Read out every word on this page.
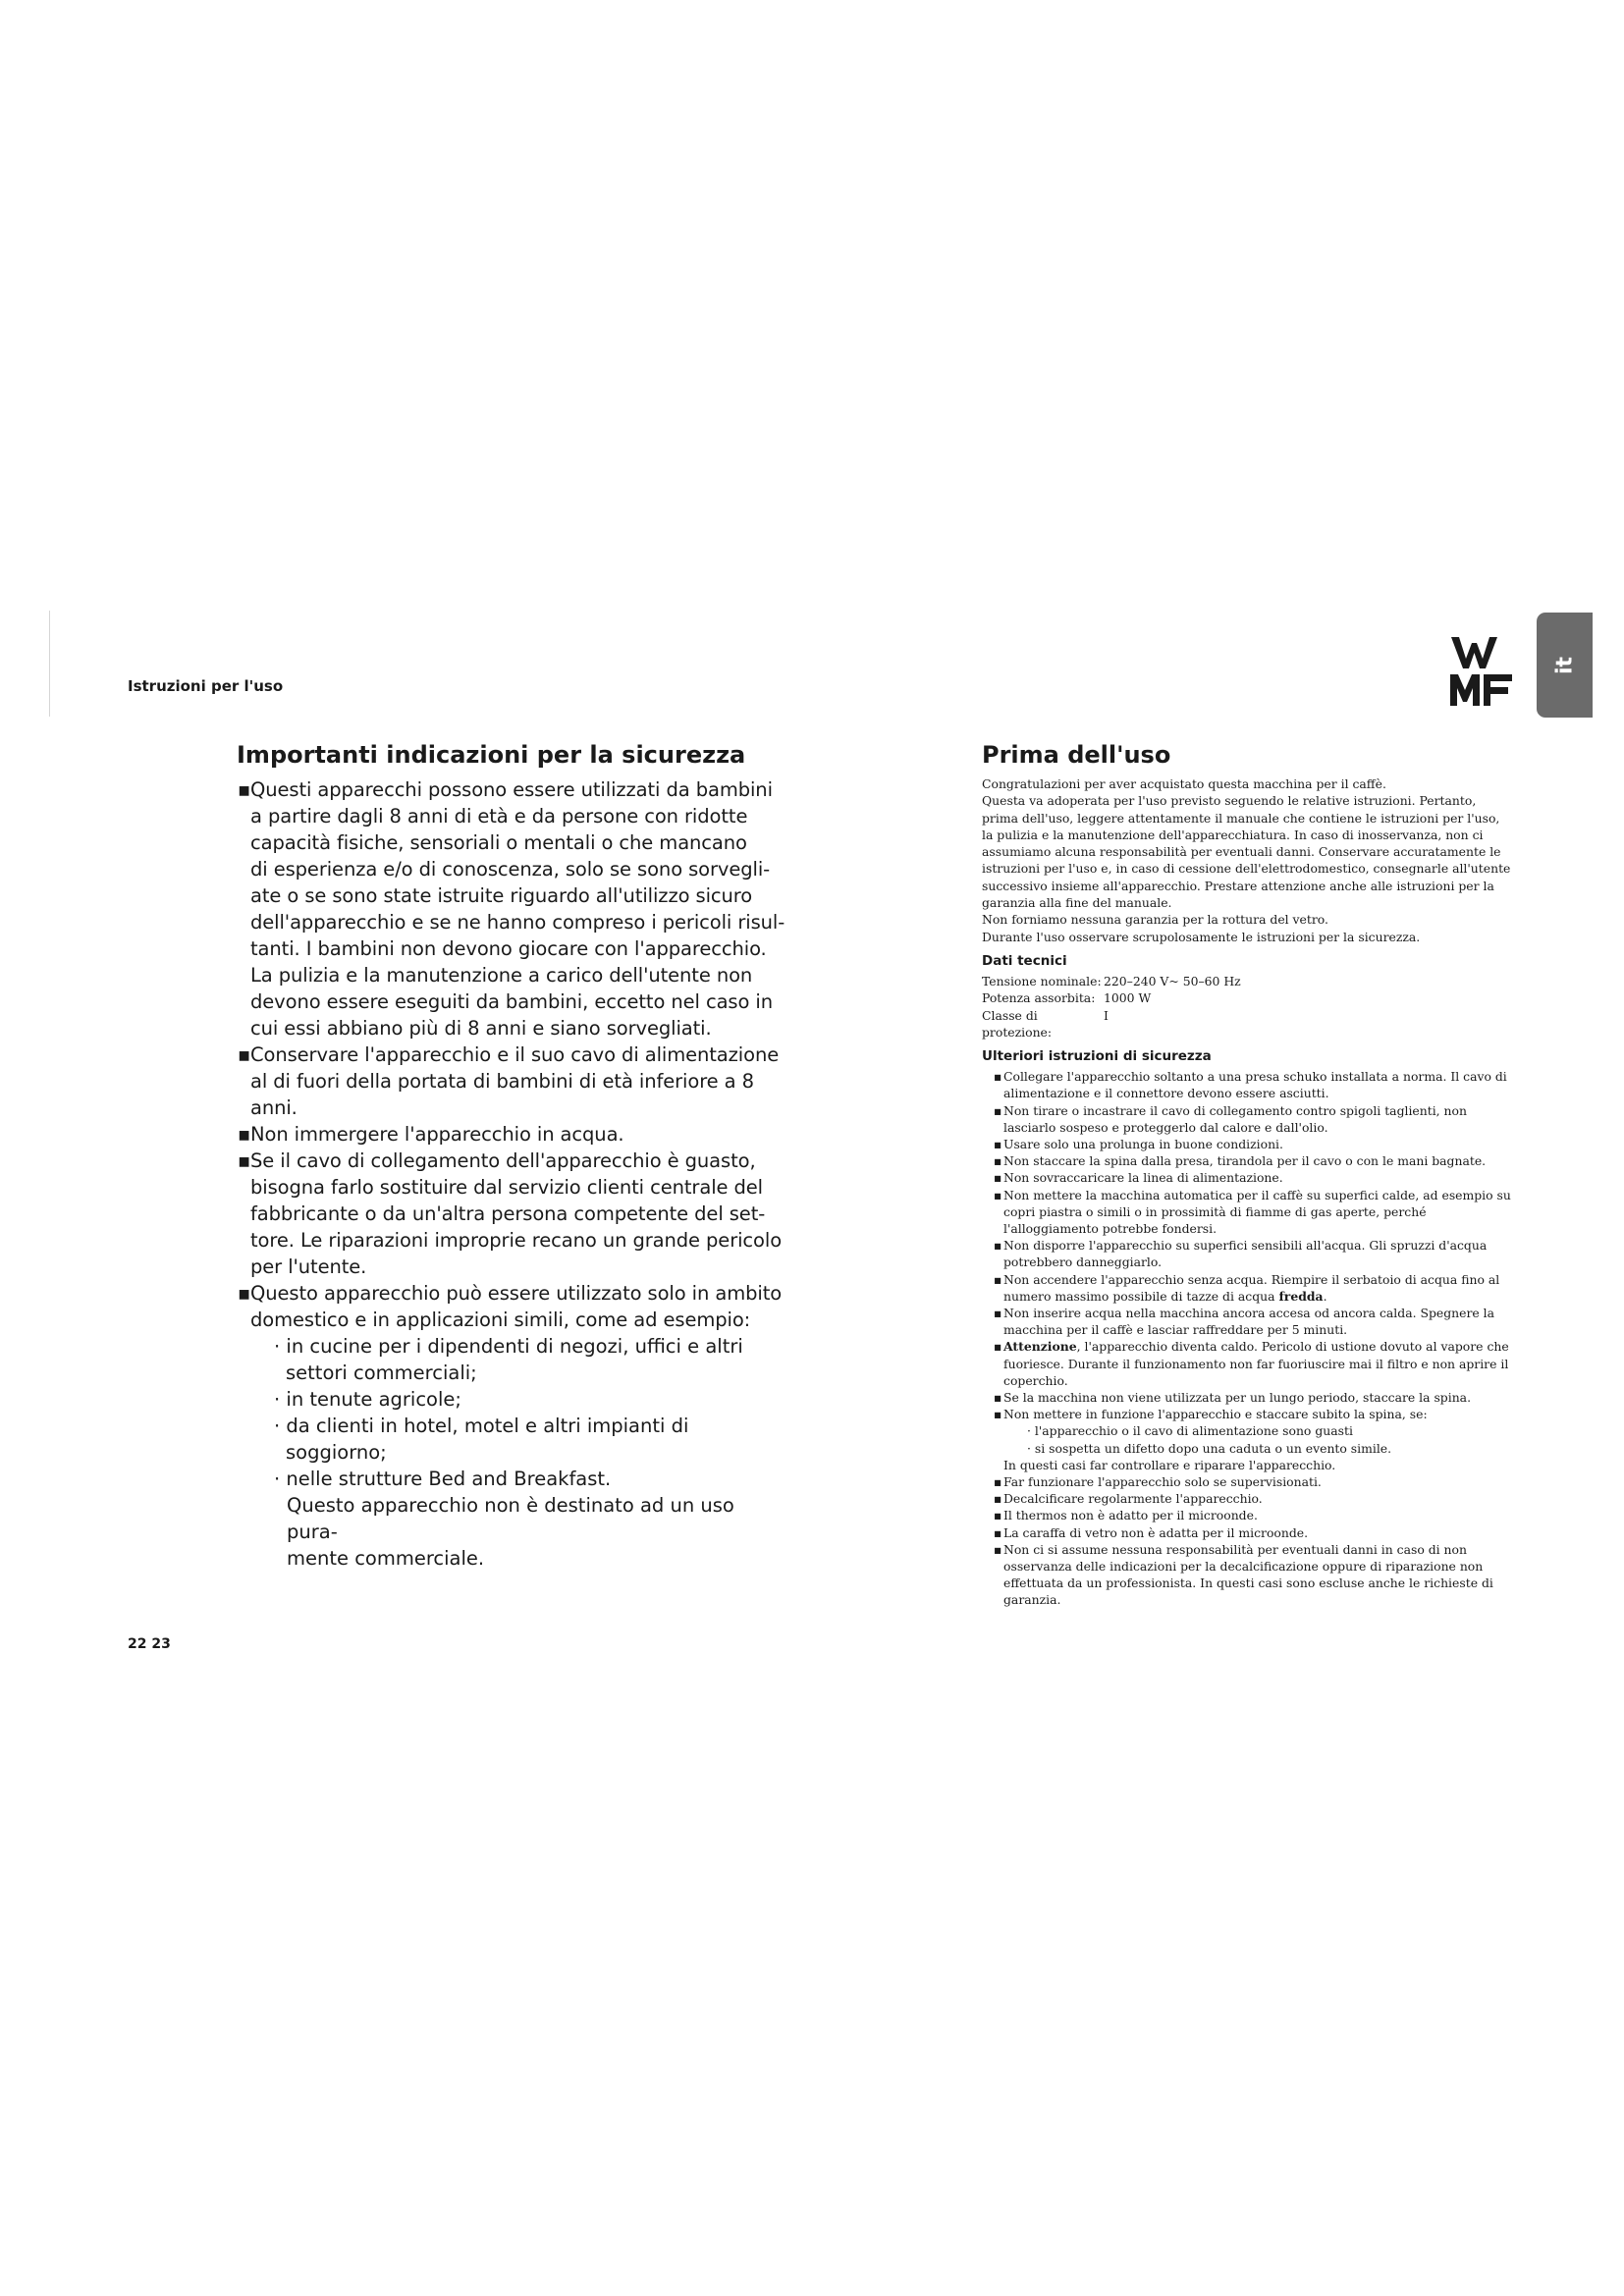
Istruzioni per l'uso
Importanti indicazioni per la sicurezza
▪Questi apparecchi possono essere utilizzati da bambini
a partire dagli 8 anni di età e da persone con ridotte
capacità fisiche, sensoriali o mentali o che mancano
di esperienza e/o di conoscenza, solo se sono sorvegli-
ate o se sono state istruite riguardo all'utilizzo sicuro
dell'apparecchio e se ne hanno compreso i pericoli risul-
tanti. I bambini non devono giocare con l'apparecchio.
La pulizia e la manutenzione a carico dell'utente non
devono essere eseguiti da bambini, eccetto nel caso in
cui essi abbiano più di 8 anni e siano sorvegliati.
▪Conservare l'apparecchio e il suo cavo di alimentazione
al di fuori della portata di bambini di età inferiore a 8
anni.
▪Non immergere l'apparecchio in acqua.
▪Se il cavo di collegamento dell'apparecchio è guasto,
bisogna farlo sostituire dal servizio clienti centrale del
fabbricante o da un'altra persona competente del set-
tore. Le riparazioni improprie recano un grande pericolo
per l'utente.
▪Questo apparecchio può essere utilizzato solo in ambito
domestico e in applicazioni simili, come ad esempio:
· in cucine per i dipendenti di negozi, uffici e altri settori commerciali;
· in tenute agricole;
· da clienti in hotel, motel e altri impianti di soggiorno;
· nelle strutture Bed and Breakfast.
Questo apparecchio non è destinato ad un uso pura-
mente commerciale.
Prima dell'uso
Congratulazioni per aver acquistato questa macchina per il caffè.
Questa va adoperata per l'uso previsto seguendo le relative istruzioni. Pertanto,
prima dell'uso, leggere attentamente il manuale che contiene le istruzioni per l'uso,
la pulizia e la manutenzione dell'apparecchiatura. In caso di inosservanza, non ci
assumiamo alcuna responsabilità per eventuali danni. Conservare accuratamente le
istruzioni per l'uso e, in caso di cessione dell'elettrodomestico, consegnarle all'utente
successivo insieme all'apparecchio. Prestare attenzione anche alle istruzioni per la
garanzia alla fine del manuale.
Non forniamo nessuna garanzia per la rottura del vetro.
Durante l'uso osservare scrupolosamente le istruzioni per la sicurezza.
Dati tecnici
Tensione nominale: 220–240 V~ 50–60 Hz
Potenza assorbita: 1000 W
Classe di protezione:
I
Ulteriori istruzioni di sicurezza
▪ Collegare l'apparecchio soltanto a una presa schuko installata a norma. Il cavo di alimentazione e il connettore devono essere asciutti.
▪ Non tirare o incastrare il cavo di collegamento contro spigoli taglienti, non lasciarlo sospeso e proteggerlo dal calore e dall'olio.
▪ Usare solo una prolunga in buone condizioni.
▪ Non staccare la spina dalla presa, tirandola per il cavo o con le mani bagnate.
▪ Non sovraccaricare la linea di alimentazione.
▪ Non mettere la macchina automatica per il caffè su superfici calde, ad esempio su copri piastra o simili o in prossimità di fiamme di gas aperte, perché l'alloggiamento potrebbe fondersi.
▪ Non disporre l'apparecchio su superfici sensibili all'acqua. Gli spruzzi d'acqua potrebbero danneggiarlo.
▪ Non accendere l'apparecchio senza acqua. Riempire il serbatoio di acqua fino al numero massimo possibile di tazze di acqua fredda.
▪ Non inserire acqua nella macchina ancora accesa od ancora calda. Spegnere la macchina per il caffè e lasciar raffreddare per 5 minuti.
▪ Attenzione, l'apparecchio diventa caldo. Pericolo di ustione dovuto al vapore che fuoriesce. Durante il funzionamento non far fuoriuscire mai il filtro e non aprire il coperchio.
▪ Se la macchina non viene utilizzata per un lungo periodo, staccare la spina.
▪ Non mettere in funzione l'apparecchio e staccare subito la spina, se:
· l'apparecchio o il cavo di alimentazione sono guasti
· si sospetta un difetto dopo una caduta o un evento simile.
In questi casi far controllare e riparare l'apparecchio.
▪ Far funzionare l'apparecchio solo se supervisionati.
▪ Decalcificare regolarmente l'apparecchio.
▪ Il thermos non è adatto per il microonde.
▪ La caraffa di vetro non è adatta per il microonde.
▪ Non ci si assume nessuna responsabilità per eventuali danni in caso di non osservanza delle indicazioni per la decalcificazione oppure di riparazione non effettuata da un professionista. In questi casi sono escluse anche le richieste di garanzia.
it
22 23
